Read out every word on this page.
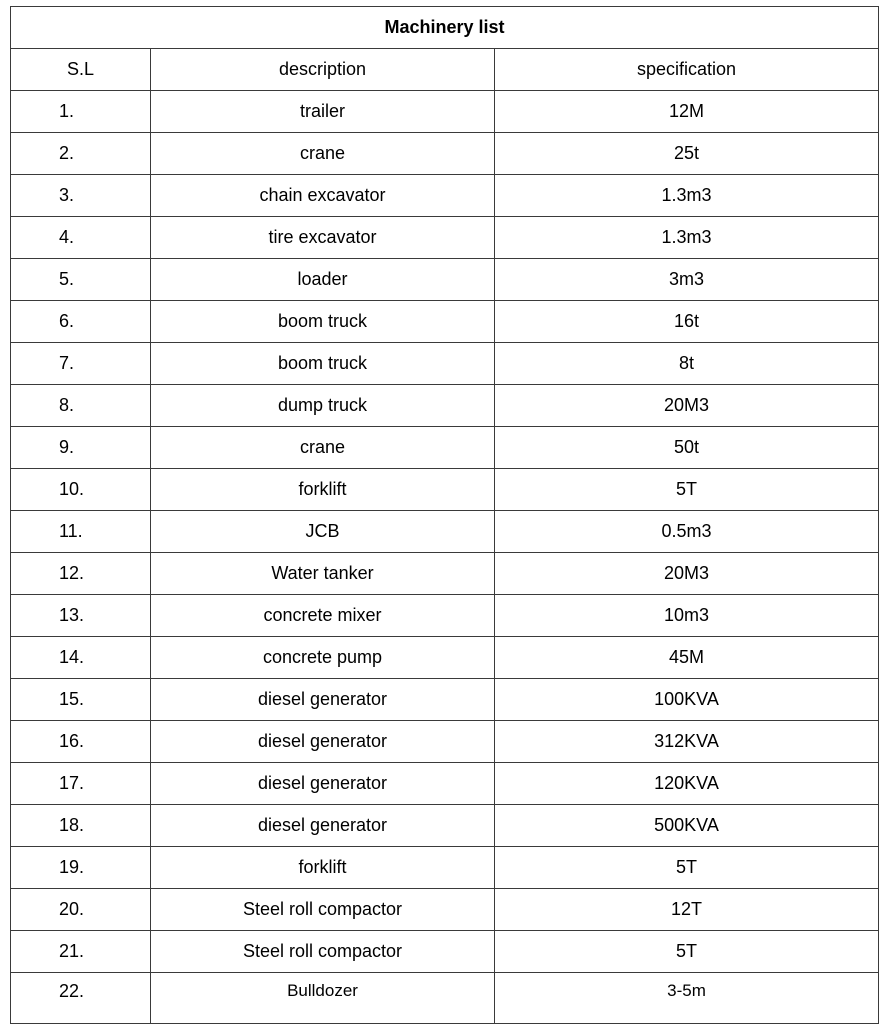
Machinery list		
S.L	description	specification
1.	trailer	12M
2.	crane	25t
3.	chain excavator	1.3m3
4.	tire excavator	1.3m3
5.	loader	3m3
6.	boom truck	16t
7.	boom truck	8t
8.	dump truck	20M3
9.	crane	50t
10.	forklift	5T
11.	JCB	0.5m3
12.	Water tanker	20M3
13.	concrete mixer	10m3
14.	concrete pump	45M
15.	diesel generator	100KVA
16.	diesel generator	312KVA
17.	diesel generator	120KVA
18.	diesel generator	500KVA
19.	forklift	5T
20.	Steel roll compactor	12T
21.	Steel roll compactor	5T
22.	Bulldozer	3-5m
